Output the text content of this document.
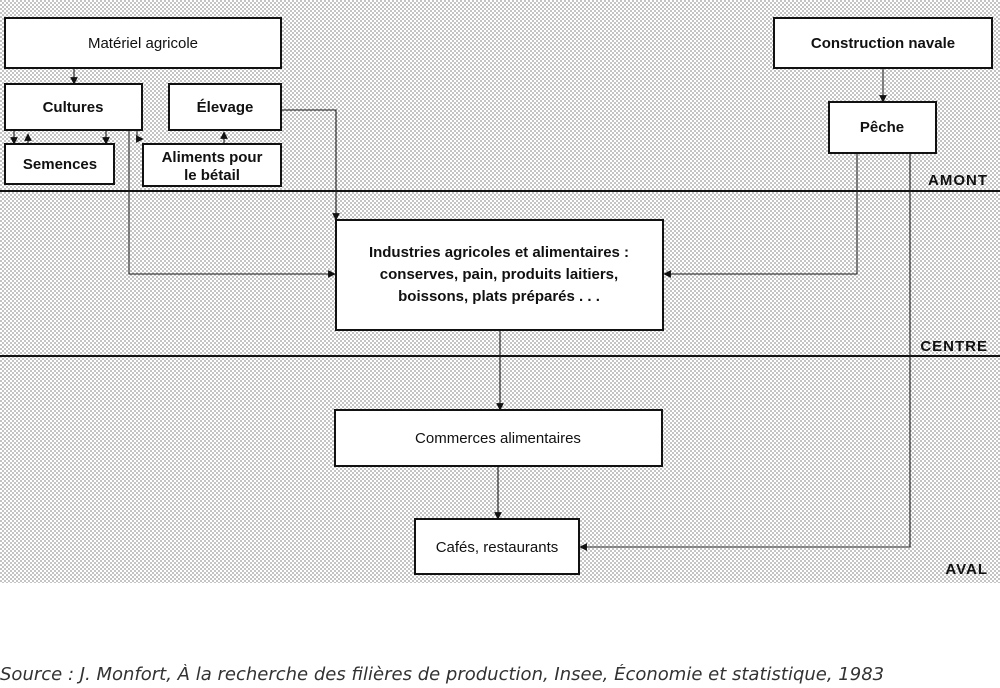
AMONT
CENTRE
AVAL
Matériel agricole
Cultures	Élevage
Semences	Aliments pour
le bétail
Construction navale
Pêche
Industries agricoles et alimentaires :
conserves, pain, produits laitiers,
boissons, plats préparés . . .
Commerces alimentaires
Cafés, restaurants
Source : J. Monfort, À la recherche des filières de production, Insee, Économie et statistique, 1983
